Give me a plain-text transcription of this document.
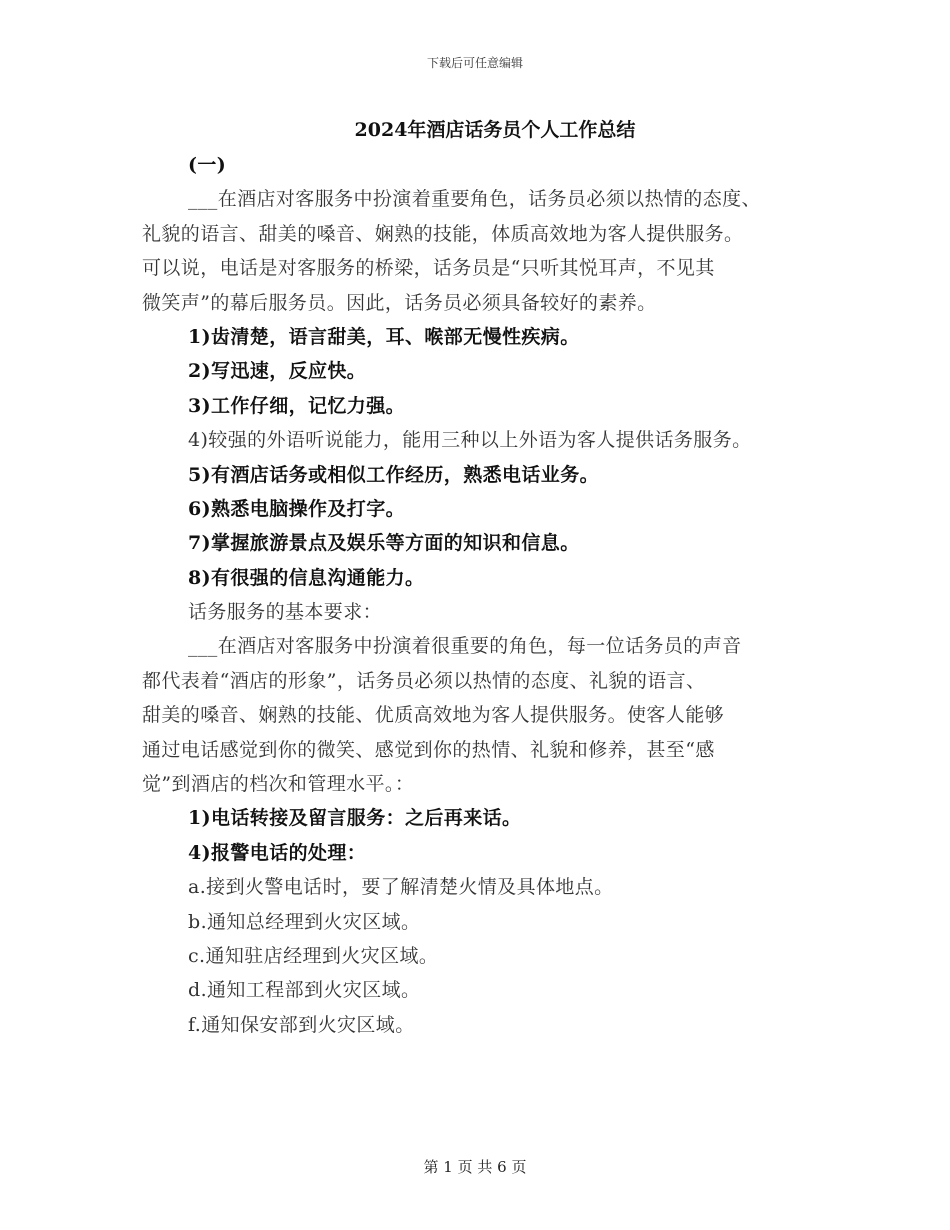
下载后可任意编辑
2024年酒店话务员个人工作总结
(一)
___在酒店对客服务中扮演着重要角色，话务员必须以热情的态度、
礼貌的语言、甜美的嗓音、娴熟的技能，体质高效地为客人提供服务。
可以说，电话是对客服务的桥梁，话务员是“只听其悦耳声，不见其
微笑声”的幕后服务员。因此，话务员必须具备较好的素养。
1)齿清楚，语言甜美，耳、喉部无慢性疾病。
2)写迅速，反应快。
3)工作仔细，记忆力强。
4)较强的外语听说能力，能用三种以上外语为客人提供话务服务。
5)有酒店话务或相似工作经历，熟悉电话业务。
6)熟悉电脑操作及打字。
7)掌握旅游景点及娱乐等方面的知识和信息。
8)有很强的信息沟通能力。
话务服务的基本要求：
___在酒店对客服务中扮演着很重要的角色，每一位话务员的声音
都代表着“酒店的形象”，话务员必须以热情的态度、礼貌的语言、
甜美的嗓音、娴熟的技能、优质高效地为客人提供服务。使客人能够
通过电话感觉到你的微笑、感觉到你的热情、礼貌和修养，甚至“感
觉”到酒店的档次和管理水平。：
1)电话转接及留言服务：之后再来话。
4)报警电话的处理：
a.接到火警电话时，要了解清楚火情及具体地点。
b.通知总经理到火灾区域。
c.通知驻店经理到火灾区域。
d.通知工程部到火灾区域。
f.通知保安部到火灾区域。
第 1 页 共 6 页
